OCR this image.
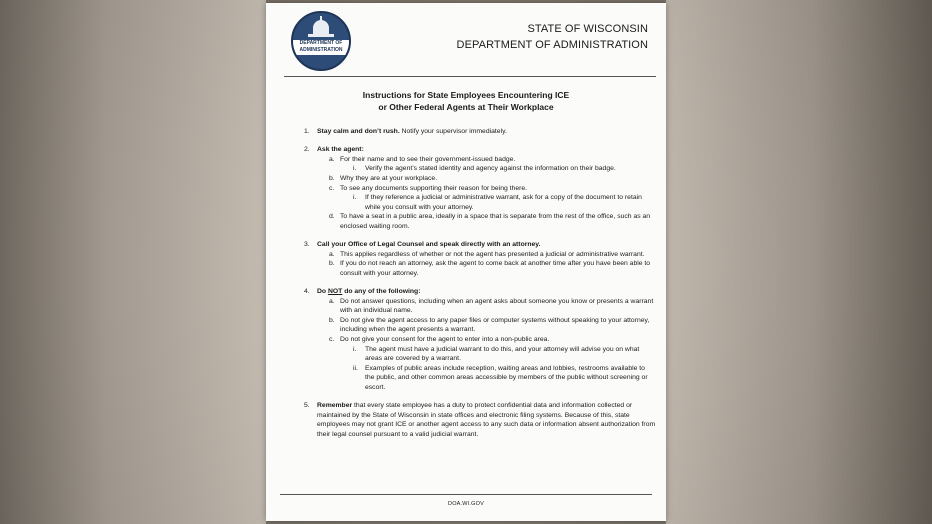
DEPARTMENT OF
ADMINISTRATION
STATE OF WISCONSIN
DEPARTMENT OF ADMINISTRATION
Instructions for State Employees Encountering ICE
or Other Federal Agents at Their Workplace
1. Stay calm and don’t rush. Notify your supervisor immediately.
2. Ask the agent:
a. For their name and to see their government-issued badge.
i. Verify the agent’s stated identity and agency against the information on their badge.
b. Why they are at your workplace.
c. To see any documents supporting their reason for being there.
i. If they reference a judicial or administrative warrant, ask for a copy of the document to retain while you consult with your attorney.
d. To have a seat in a public area, ideally in a space that is separate from the rest of the office, such as an enclosed waiting room.
3. Call your Office of Legal Counsel and speak directly with an attorney.
a. This applies regardless of whether or not the agent has presented a judicial or administrative warrant.
b. If you do not reach an attorney, ask the agent to come back at another time after you have been able to consult with your attorney.
4. Do NOT do any of the following:
a. Do not answer questions, including when an agent asks about someone you know or presents a warrant with an individual name.
b. Do not give the agent access to any paper files or computer systems without speaking to your attorney, including when the agent presents a warrant.
c. Do not give your consent for the agent to enter into a non-public area.
i. The agent must have a judicial warrant to do this, and your attorney will advise you on what areas are covered by a warrant.
ii. Examples of public areas include reception, waiting areas and lobbies, restrooms available to the public, and other common areas accessible by members of the public without screening or escort.
5. Remember that every state employee has a duty to protect confidential data and information collected or maintained by the State of Wisconsin in state offices and electronic filing systems. Because of this, state employees may not grant ICE or another agent access to any such data or information absent authorization from their legal counsel pursuant to a valid judicial warrant.
DOA.WI.GOV
